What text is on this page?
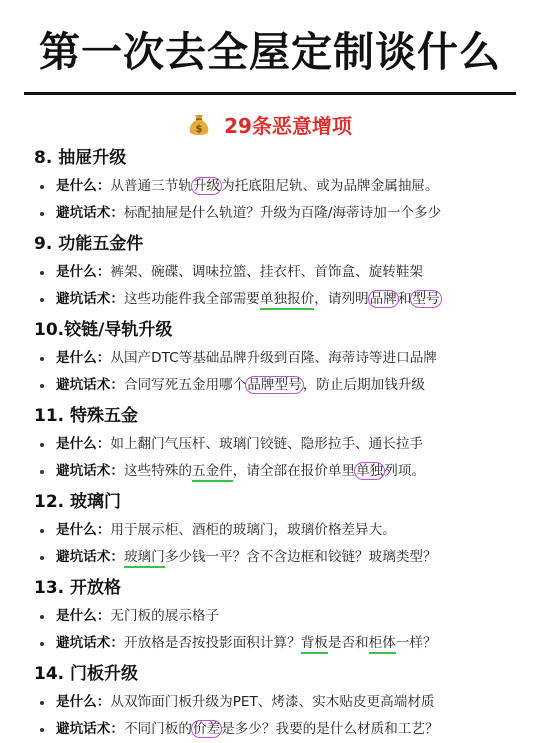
第一次去全屋定制谈什么
$ 29条恶意增项
8. 抽屉升级
是什么：从普通三节轨升级为托底阻尼轨、或为品牌金属抽屉。
避坑话术：标配抽屉是什么轨道？升级为百隆/海蒂诗加一个多少
9. 功能五金件
是什么：裤架、碗碟、调味拉篮、挂衣杆、首饰盒、旋转鞋架
避坑话术：这些功能件我全部需要单独报价，请列明品牌和型号
10.铰链/导轨升级
是什么：从国产DTC等基础品牌升级到百隆、海蒂诗等进口品牌
避坑话术：合同写死五金用哪个品牌型号，防止后期加钱升级
11. 特殊五金
是什么：如上翻门气压杆、玻璃门铰链、隐形拉手、通长拉手
避坑话术：这些特殊的五金件，请全部在报价单里单独列项。
12. 玻璃门
是什么：用于展示柜、酒柜的玻璃门，玻璃价格差异大。
避坑话术：玻璃门多少钱一平？含不含边框和铰链？玻璃类型？
13. 开放格
是什么：无门板的展示格子
避坑话术：开放格是否按投影面积计算？背板是否和柜体一样？
14. 门板升级
是什么：从双饰面门板升级为PET、烤漆、实木贴皮更高端材质
避坑话术：不同门板的价差是多少？我要的是什么材质和工艺？
